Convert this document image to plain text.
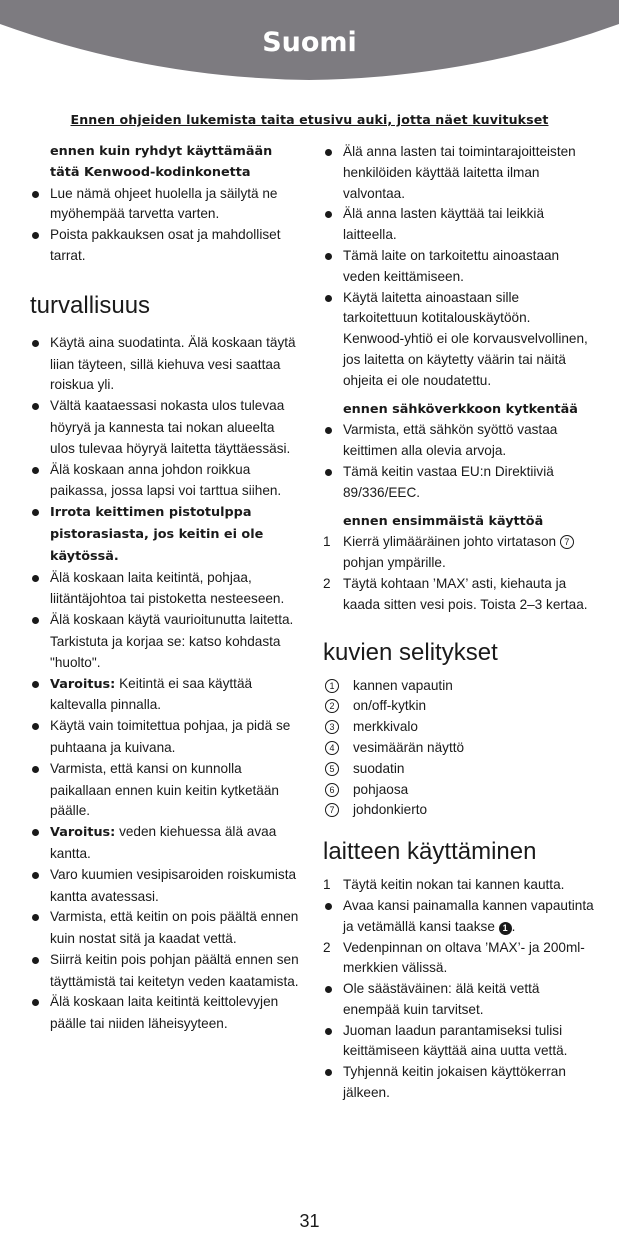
Suomi
Ennen ohjeiden lukemista taita etusivu auki, jotta näet kuvitukset

ennen kuin ryhdyt käyttämään tätä Kenwood-kodinkonetta

Lue nämä ohjeet huolella ja säilytä ne myöhempää tarvetta varten.
Poista pakkauksen osat ja mahdolliset tarrat.
turvallisuus
Käytä aina suodatinta. Älä koskaan täytä liian täyteen, sillä kiehuva vesi saattaa roiskua yli.
Vältä kaataessasi nokasta ulos tulevaa höyryä ja kannesta tai nokan alueelta ulos tulevaa höyryä laitetta täyttäessäsi.
Älä koskaan anna johdon roikkua paikassa, jossa lapsi voi tarttua siihen.
Irrota keittimen pistotulppa pistorasiasta, jos keitin ei ole käytössä.
Älä koskaan laita keitintä, pohjaa, liitäntäjohtoa tai pistoketta nesteeseen.
Älä koskaan käytä vaurioitunutta laitetta. Tarkistuta ja korjaa se: katso kohdasta "huolto".
Varoitus: Keitintä ei saa käyttää kaltevalla pinnalla.
Käytä vain toimitettua pohjaa, ja pidä se puhtaana ja kuivana.
Varmista, että kansi on kunnolla paikallaan ennen kuin keitin kytketään päälle.
Varoitus: veden kiehuessa älä avaa kantta.
Varo kuumien vesipisaroiden roiskumista kantta avatessasi.
Varmista, että keitin on pois päältä ennen kuin nostat sitä ja kaadat vettä.
Siirrä keitin pois pohjan päältä ennen sen täyttämistä tai keitetyn veden kaatamista.
Älä koskaan laita keitintä keittolevyjen päälle tai niiden läheisyyteen.
Älä anna lasten tai toimintarajoitteisten henkilöiden käyttää laitetta ilman valvontaa.
Älä anna lasten käyttää tai leikkiä laitteella.
Tämä laite on tarkoitettu ainoastaan veden keittämiseen.
Käytä laitetta ainoastaan sille tarkoitettuun kotitalouskäytöön. Kenwood-yhtiö ei ole korvausvelvollinen, jos laitetta on käytetty väärin tai näitä ohjeita ei ole noudatettu.

ennen sähköverkkoon kytkentää

Varmista, että sähkön syöttö vastaa keittimen alla olevia arvoja.
Tämä keitin vastaa EU:n Direktiiviä 89/336/EEC.

ennen ensimmäistä käyttöä

1 Kierrä ylimääräinen johto virtatason 7 pohjan ympärille.
2 Täytä kohtaan ’MAX’ asti, kiehauta ja kaada sitten vesi pois. Toista 2–3 kertaa.
kuvien selitykset
1	kannen vapautin
2	on/off-kytkin
3	merkkivalo
4	vesimäärän näyttö
5	suodatin
6	pohjaosa
7	johdonkierto
laitteen käyttäminen
1 Täytä keitin nokan tai kannen kautta.
Avaa kansi painamalla kannen vapautinta ja vetämällä kansi taakse 1 .
2 Vedenpinnan on oltava ’MAX’- ja 200ml-merkkien välissä.
Ole säästäväinen: älä keitä vettä enempää kuin tarvitset.
Juoman laadun parantamiseksi tulisi keittämiseen käyttää aina uutta vettä.
Tyhjennä keitin jokaisen käyttökerran jälkeen.
31
